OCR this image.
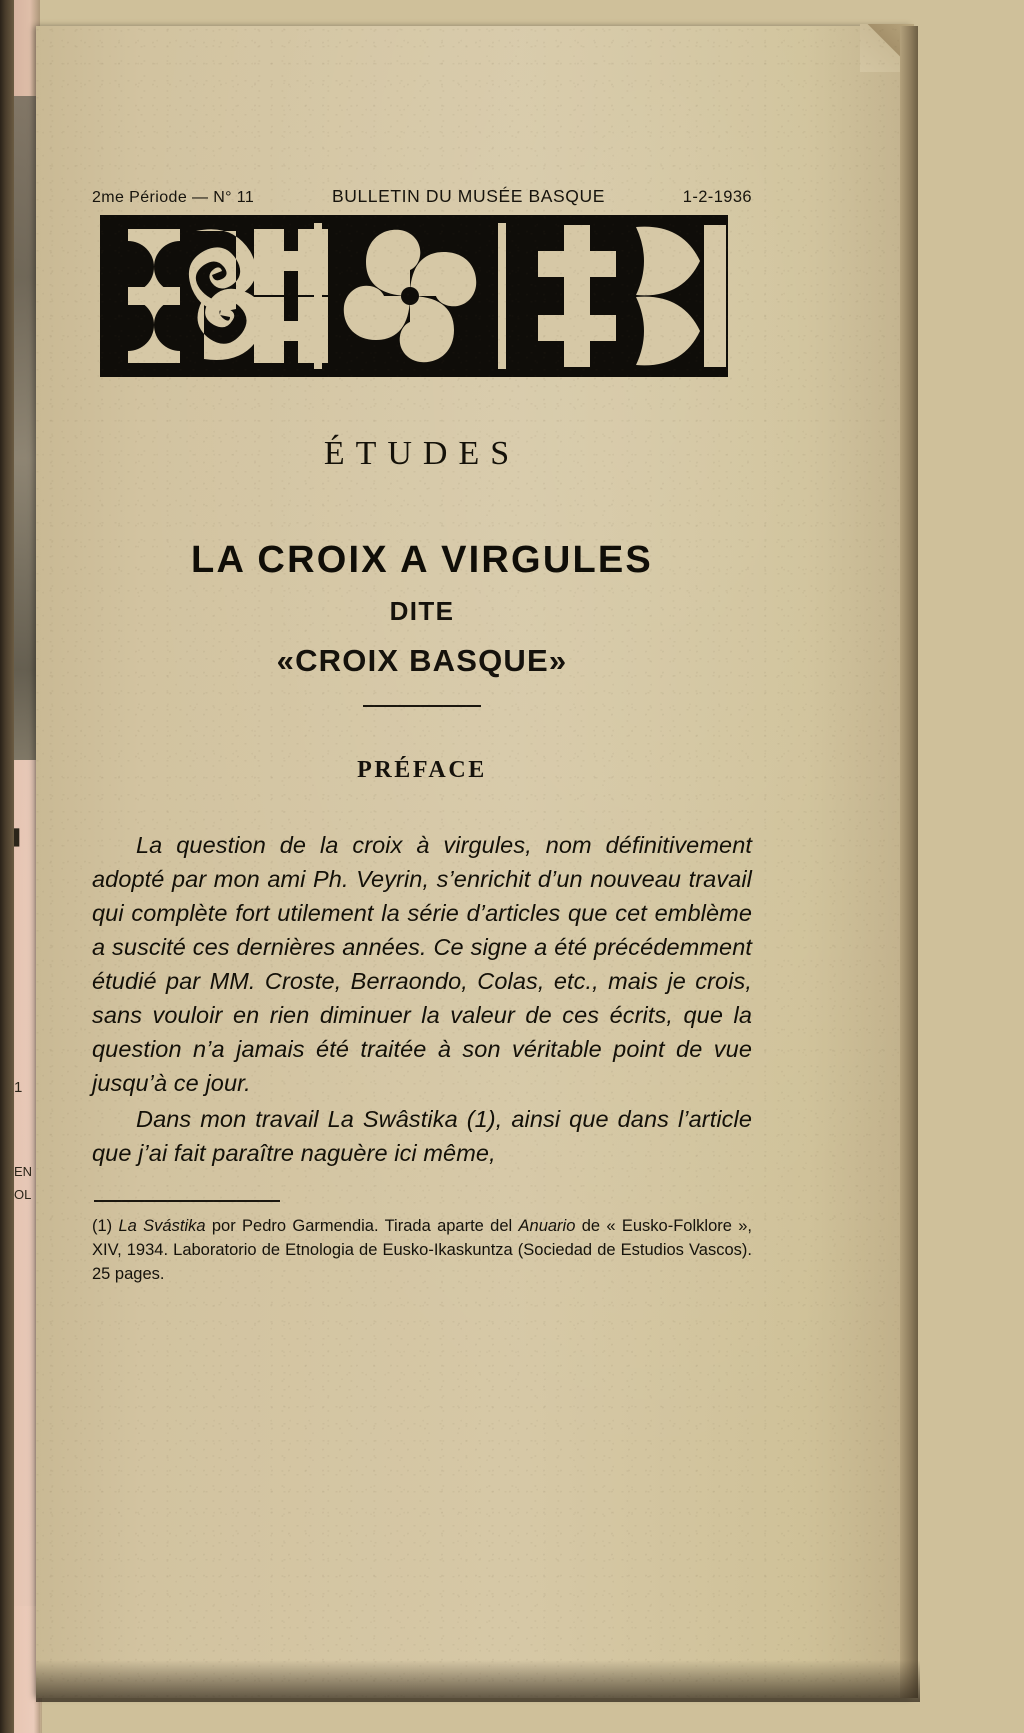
▌
1
EN
OL
2me Période — N° 11	BULLETIN DU MUSÉE BASQUE	1-2-1936
ÉTUDES
LA CROIX A VIRGULES
DITE
«CROIX BASQUE»
PRÉFACE

La question de la croix à virgules, nom définitivement adopté par mon ami Ph. Veyrin, s’enrichit d’un nouveau travail qui complète fort utilement la série d’articles que cet emblème a suscité ces dernières années. Ce signe a été précédemment étudié par MM. Croste, Berraondo, Colas, etc., mais je crois, sans vouloir en rien diminuer la valeur de ces écrits, que la question n’a jamais été traitée à son véritable point de vue jusqu’à ce jour.

Dans mon travail La Swâstika (1), ainsi que dans l’article que j’ai fait paraître naguère ici même,

(1) La Svástika por Pedro Garmendia. Tirada aparte del Anuario de « Eusko-Folklore », XIV, 1934. Laboratorio de Etnologia de Eusko-Ikaskuntza (Sociedad de Estudios Vascos). 25 pages.
